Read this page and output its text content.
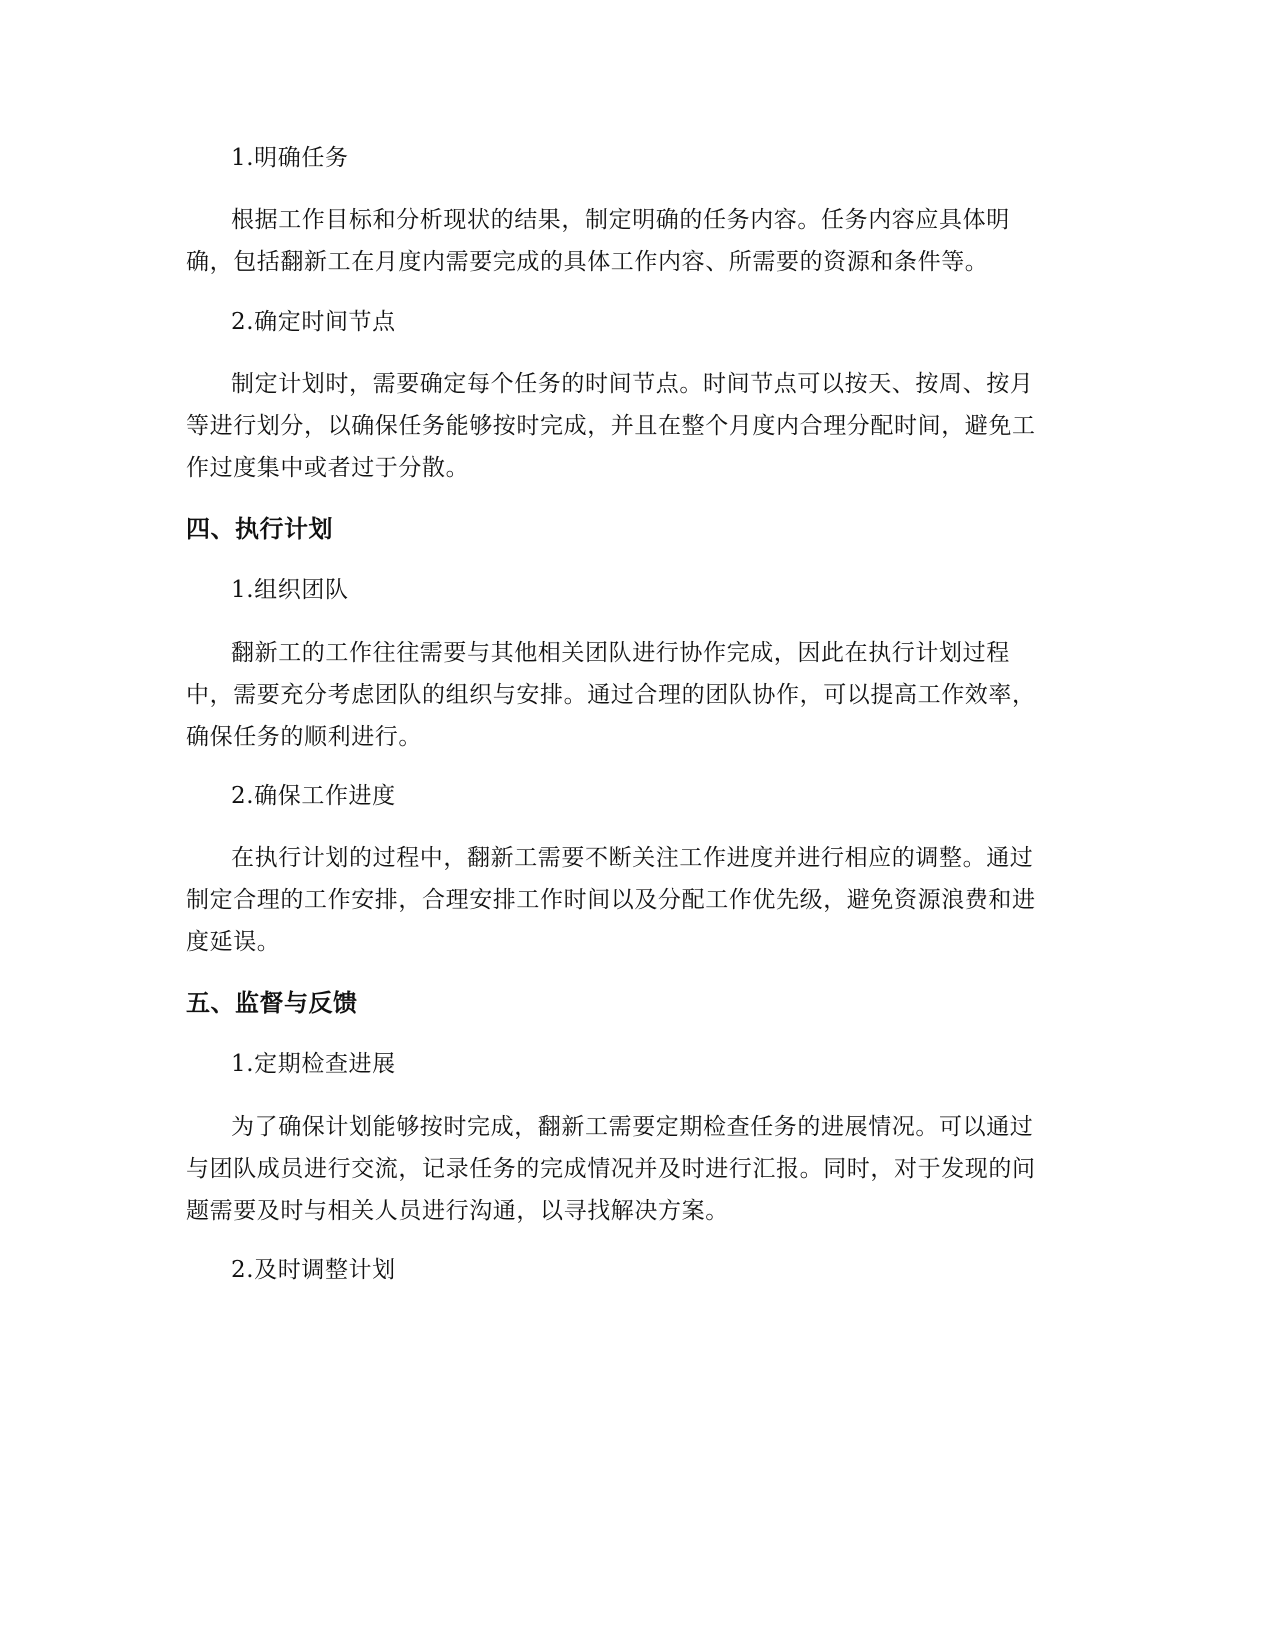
1.明确任务
根据工作目标和分析现状的结果，制定明确的任务内容。任务内容应具体明
确，包括翻新工在月度内需要完成的具体工作内容、所需要的资源和条件等。
2.确定时间节点
制定计划时，需要确定每个任务的时间节点。时间节点可以按天、按周、按月
等进行划分，以确保任务能够按时完成，并且在整个月度内合理分配时间，避免工
作过度集中或者过于分散。
四、执行计划
1.组织团队
翻新工的工作往往需要与其他相关团队进行协作完成，因此在执行计划过程
中，需要充分考虑团队的组织与安排。通过合理的团队协作，可以提高工作效率，
确保任务的顺利进行。
2.确保工作进度
在执行计划的过程中，翻新工需要不断关注工作进度并进行相应的调整。通过
制定合理的工作安排，合理安排工作时间以及分配工作优先级，避免资源浪费和进
度延误。
五、监督与反馈
1.定期检查进展
为了确保计划能够按时完成，翻新工需要定期检查任务的进展情况。可以通过
与团队成员进行交流，记录任务的完成情况并及时进行汇报。同时，对于发现的问
题需要及时与相关人员进行沟通，以寻找解决方案。
2.及时调整计划
